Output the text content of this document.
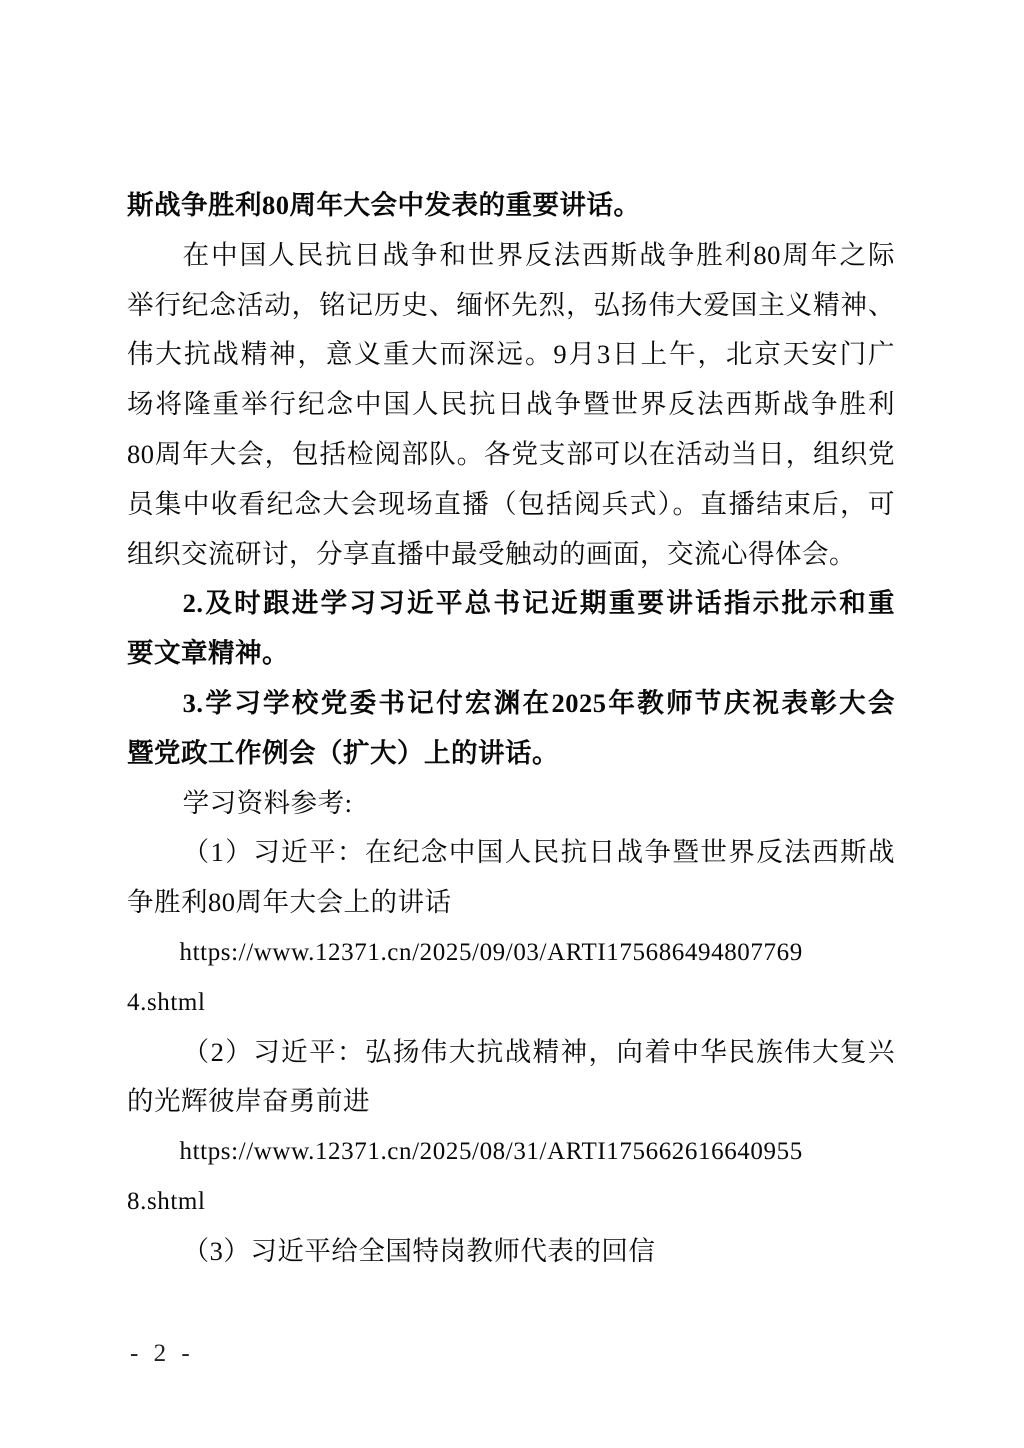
斯战争胜利80周年大会中发表的重要讲话。
在中国人民抗日战争和世界反法西斯战争胜利80周年之际
举行纪念活动，铭记历史、缅怀先烈，弘扬伟大爱国主义精神、
伟大抗战精神，意义重大而深远。9月3日上午，北京天安门广
场将隆重举行纪念中国人民抗日战争暨世界反法西斯战争胜利
80周年大会，包括检阅部队。各党支部可以在活动当日，组织党
员集中收看纪念大会现场直播（包括阅兵式）。直播结束后，可
组织交流研讨，分享直播中最受触动的画面，交流心得体会。
2.及时跟进学习习近平总书记近期重要讲话指示批示和重
要文章精神。
3.学习学校党委书记付宏渊在2025年教师节庆祝表彰大会
暨党政工作例会（扩大）上的讲话。
学习资料参考:
（1）习近平：在纪念中国人民抗日战争暨世界反法西斯战
争胜利80周年大会上的讲话
https://www.12371.cn/2025/09/03/ARTI175686494807769
4.shtml
（2）习近平：弘扬伟大抗战精神，向着中华民族伟大复兴
的光辉彼岸奋勇前进
https://www.12371.cn/2025/08/31/ARTI175662616640955
8.shtml
（3）习近平给全国特岗教师代表的回信
- 2 -
